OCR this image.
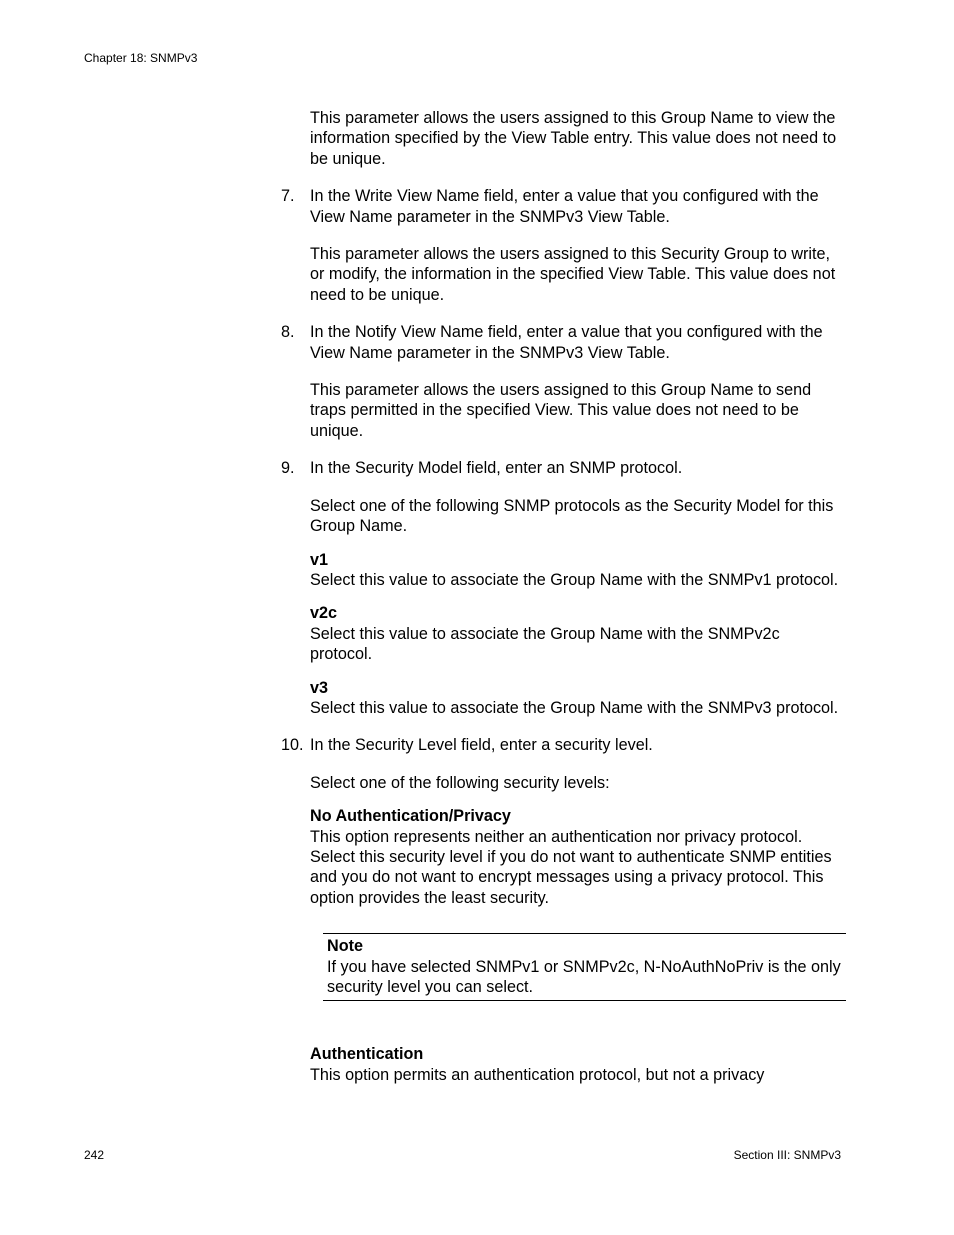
Chapter 18: SNMPv3

This parameter allows the users assigned to this Group Name to view the information specified by the View Table entry. This value does not need to be unique.

7. In the Write View Name field, enter a value that you configured with the View Name parameter in the SNMPv3 View Table.

This parameter allows the users assigned to this Security Group to write, or modify, the information in the specified View Table. This value does not need to be unique.

8. In the Notify View Name field, enter a value that you configured with the View Name parameter in the SNMPv3 View Table.

This parameter allows the users assigned to this Group Name to send traps permitted in the specified View. This value does not need to be unique.

9. In the Security Model field, enter an SNMP protocol.

Select one of the following SNMP protocols as the Security Model for this Group Name.

v1
Select this value to associate the Group Name with the SNMPv1 protocol.
v2c
Select this value to associate the Group Name with the SNMPv2c protocol.
v3
Select this value to associate the Group Name with the SNMPv3 protocol.
10. In the Security Level field, enter a security level.

Select one of the following security levels:

No Authentication/Privacy
This option represents neither an authentication nor privacy protocol. Select this security level if you do not want to authenticate SNMP entities and you do not want to encrypt messages using a privacy protocol. This option provides the least security.
Note
If you have selected SNMPv1 or SNMPv2c, N-NoAuthNoPriv is the only security level you can select.
Authentication
This option permits an authentication protocol, but not a privacy
242	Section III: SNMPv3
